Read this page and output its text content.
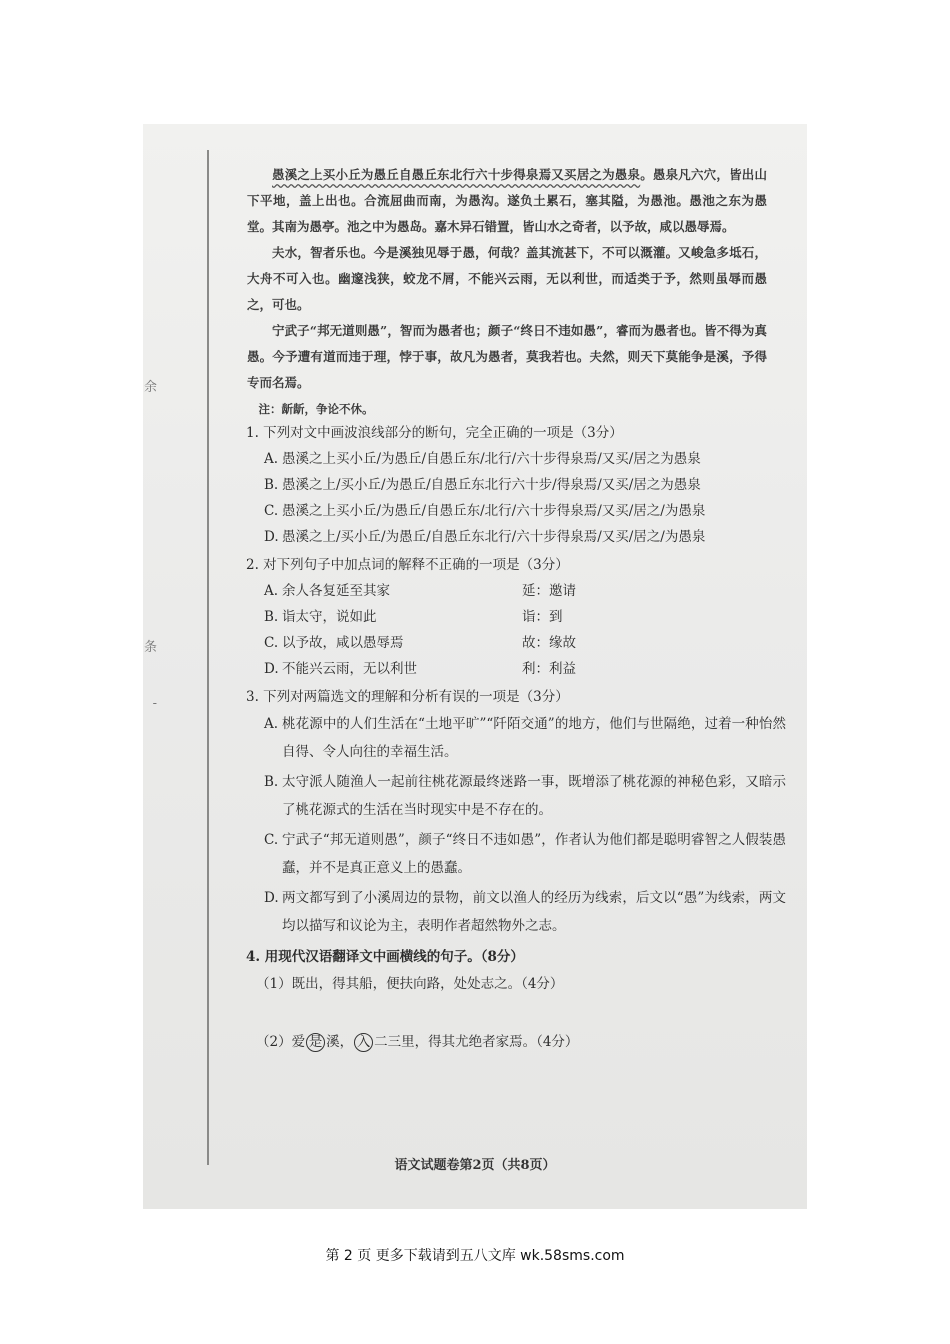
余
条
-

愚溪之上买小丘为愚丘自愚丘东北行六十步得泉焉又买居之为愚泉。愚泉凡六穴，皆出山下平地，盖上出也。合流屈曲而南，为愚沟。遂负土累石，塞其隘，为愚池。愚池之东为愚堂。其南为愚亭。池之中为愚岛。嘉木异石错置，皆山水之奇者，以予故，咸以愚辱焉。

夫水，智者乐也。今是溪独见辱于愚，何哉？盖其流甚下，不可以溉灌。又峻急多坻石，大舟不可入也。幽邃浅狭，蛟龙不屑，不能兴云雨，无以利世，而适类于予，然则虽辱而愚之，可也。

宁武子“邦无道则愚”，智而为愚者也；颜子“终日不违如愚”，睿而为愚者也。皆不得为真愚。今予遭有道而违于理，悖于事，故凡为愚者，莫我若也。夫然，则天下莫能争是溪，予得专而名焉。

注：龂龂，争论不休。

1. 下列对文中画波浪线部分的断句，完全正确的一项是（3分）

A. 愚溪之上买小丘/为愚丘/自愚丘东/北行/六十步得泉焉/又买/居之为愚泉
B. 愚溪之上/买小丘/为愚丘/自愚丘东北行六十步/得泉焉/又买/居之为愚泉
C. 愚溪之上买小丘/为愚丘/自愚丘东/北行/六十步得泉焉/又买/居之/为愚泉
D. 愚溪之上/买小丘/为愚丘/自愚丘东北行/六十步得泉焉/又买/居之/为愚泉

2. 对下列句子中加点词的解释不正确的一项是（3分）

A. 余人各复延至其家	延：邀请
B. 诣太守，说如此	诣：到
C. 以予故，咸以愚辱焉	故：缘故
D. 不能兴云雨，无以利世	利：利益

3. 下列对两篇选文的理解和分析有误的一项是（3分）

A. 桃花源中的人们生活在“土地平旷”“阡陌交通”的地方，他们与世隔绝，过着一种怡然自得、令人向往的幸福生活。
B. 太守派人随渔人一起前往桃花源最终迷路一事，既增添了桃花源的神秘色彩，又暗示了桃花源式的生活在当时现实中是不存在的。
C. 宁武子“邦无道则愚”，颜子“终日不违如愚”，作者认为他们都是聪明睿智之人假装愚蠢，并不是真正意义上的愚蠢。
D. 两文都写到了小溪周边的景物，前文以渔人的经历为线索，后文以“愚”为线索，两文均以描写和议论为主，表明作者超然物外之志。

4. 用现代汉语翻译文中画横线的句子。（8分）

（1）既出，得其船，便扶向路，处处志之。（4分）

（2）爱 是 溪， 入 二三里，得其尤绝者家焉。（4分）

语文试题卷第2页（共8页）
第 2 页 更多下载请到五八文库 wk.58sms.com
